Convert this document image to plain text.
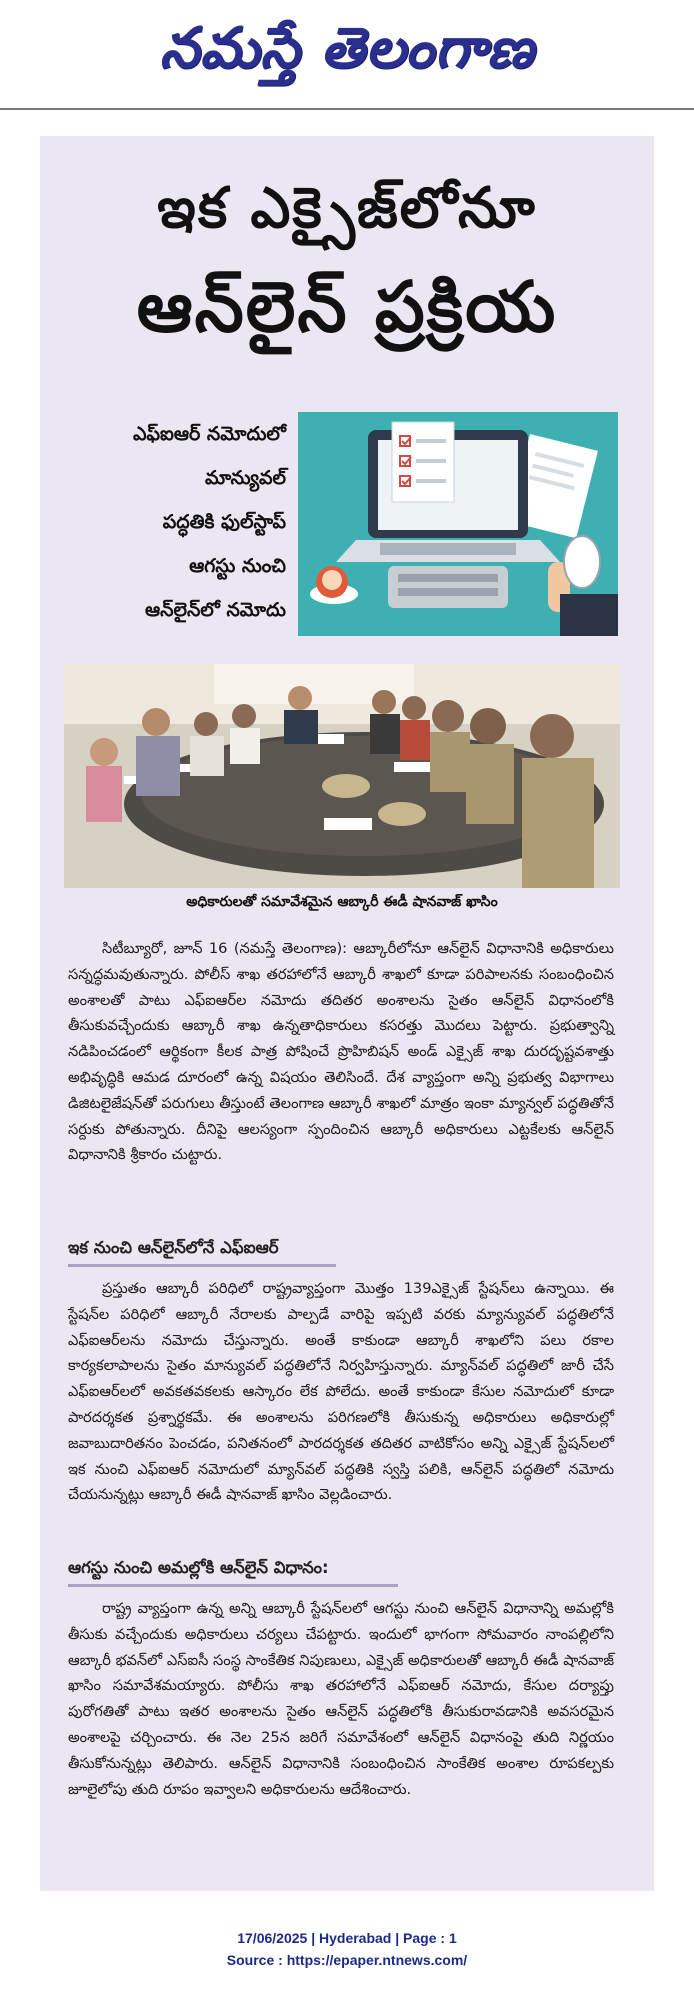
నమస్తే తెలంగాణ
ఇక ఎక్సైజ్‌లోనూ
ఆన్‌లైన్ ప్రక్రియ
ఎఫ్ఐఆర్ నమోదులో
మాన్యువల్
పద్ధతికి ఫుల్‌స్టాప్
ఆగస్టు నుంచి
ఆన్‌లైన్‌లో నమోదు
అధికారులతో సమావేశమైన ఆబ్కారీ ఈడీ షానవాజ్ ఖాసిం
సిటీబ్యూరో, జూన్ 16 (నమస్తే తెలంగాణ): ఆబ్కారీలోనూ ఆన్‌లైన్ విధానానికి అధికారులు సన్నద్ధమవుతున్నారు. పోలీస్ శాఖ తరహాలోనే ఆబ్కారీ శాఖలో కూడా పరిపాలనకు సంబంధించిన అంశాలతో పాటు ఎఫ్ఐఆర్‌ల నమోదు తదితర అంశాలను సైతం ఆన్‌లైన్ విధానంలోకి తీసుకువచ్చేందుకు ఆబ్కారీ శాఖ ఉన్నతాధికారులు కసరత్తు మొదలు పెట్టారు. ప్రభుత్వాన్ని నడిపించడంలో ఆర్థికంగా కీలక పాత్ర పోషించే ప్రొహిబిషన్ అండ్ ఎక్సైజ్ శాఖ దురదృష్టవశాత్తు అభివృద్ధికి ఆమడ దూరంలో ఉన్న విషయం తెలిసిందే. దేశ వ్యాప్తంగా అన్ని ప్రభుత్వ విభాగాలు డిజిటలైజేషన్‌తో పరుగులు తీస్తుంటే తెలంగాణ ఆబ్కారీ శాఖలో మాత్రం ఇంకా మ్యాన్వల్ పద్ధతితోనే సర్దుకు పోతున్నారు. దీనిపై ఆలస్యంగా స్పందించిన ఆబ్కారీ అధికారులు ఎట్టకేలకు ఆన్‌లైన్ విధానానికి శ్రీకారం చుట్టారు.
ఇక నుంచి ఆన్‌లైన్‌లోనే ఎఫ్ఐఆర్
ప్రస్తుతం ఆబ్కారీ పరిధిలో రాష్ట్రవ్యాప్తంగా మొత్తం 139ఎక్సైజ్ స్టేషన్‌లు ఉన్నాయి. ఈ స్టేషన్‌ల పరిధిలో ఆబ్కారీ నేరాలకు పాల్పడే వారిపై ఇప్పటి వరకు మ్యాన్యువల్ పద్ధతిలోనే ఎఫ్ఐఆర్‌లను నమోదు చేస్తున్నారు. అంతే కాకుండా ఆబ్కారీ శాఖలోని పలు రకాల కార్యకలాపాలను సైతం మాన్యువల్ పద్ధతిలోనే నిర్వహిస్తున్నారు. మ్యాన్‌వల్ పద్ధతిలో జారీ చేసే ఎఫ్ఐఆర్‌లలో అవకతవకలకు ఆస్కారం లేక పోలేదు. అంతే కాకుండా కేసుల నమోదులో కూడా పారదర్శకత ప్రశ్నార్థకమే. ఈ అంశాలను పరిగణలోకి తీసుకున్న అధికారులు అధికారుల్లో జవాబుదారితనం పెంచడం, పనితనంలో పారదర్శకత తదితర వాటికోసం అన్ని ఎక్సైజ్ స్టేషన్‌లలో ఇక నుంచి ఎఫ్ఐఆర్ నమోదులో మ్యాన్‌వల్ పద్ధతికి స్వస్తి పలికి, ఆన్‌లైన్ పద్ధతిలో నమోదు చేయనున్నట్లు ఆబ్కారీ ఈడీ షానవాజ్ ఖాసిం వెల్లడించారు.
ఆగస్టు నుంచి అమల్లోకి ఆన్‌లైన్ విధానం:
రాష్ట్ర వ్యాప్తంగా ఉన్న అన్ని ఆబ్కారీ స్టేషన్‌లలో ఆగస్టు నుంచి ఆన్‌లైన్ విధానాన్ని అమల్లోకి తీసుకు వచ్చేందుకు అధికారులు చర్యలు చేపట్టారు. ఇందులో భాగంగా సోమవారం నాంపల్లిలోని ఆబ్కారీ భవన్‌లో ఎస్ఐసీ సంస్థ సాంకేతిక నిపుణులు, ఎక్సైజ్ అధికారులతో ఆబ్కారీ ఈడీ షానవాజ్ ఖాసిం సమావేశమయ్యారు. పోలీసు శాఖ తరహాలోనే ఎఫ్ఐఆర్ నమోదు, కేసుల దర్యాప్తు పురోగతితో పాటు ఇతర అంశాలను సైతం ఆన్‌లైన్ పద్ధతిలోకి తీసుకురావడానికి అవసరమైన అంశాలపై చర్చించారు. ఈ నెల 25న జరిగే సమావేశంలో ఆన్‌లైన్ విధానంపై తుది నిర్ణయం తీసుకోనున్నట్లు తెలిపారు. ఆన్‌లైన్ విధానానికి సంబంధించిన సాంకేతిక అంశాల రూపకల్పకు జూలైలోపు తుది రూపం ఇవ్వాలని అధికారులను ఆదేశించారు.
17/06/2025 | Hyderabad | Page : 1
Source : https://epaper.ntnews.com/
